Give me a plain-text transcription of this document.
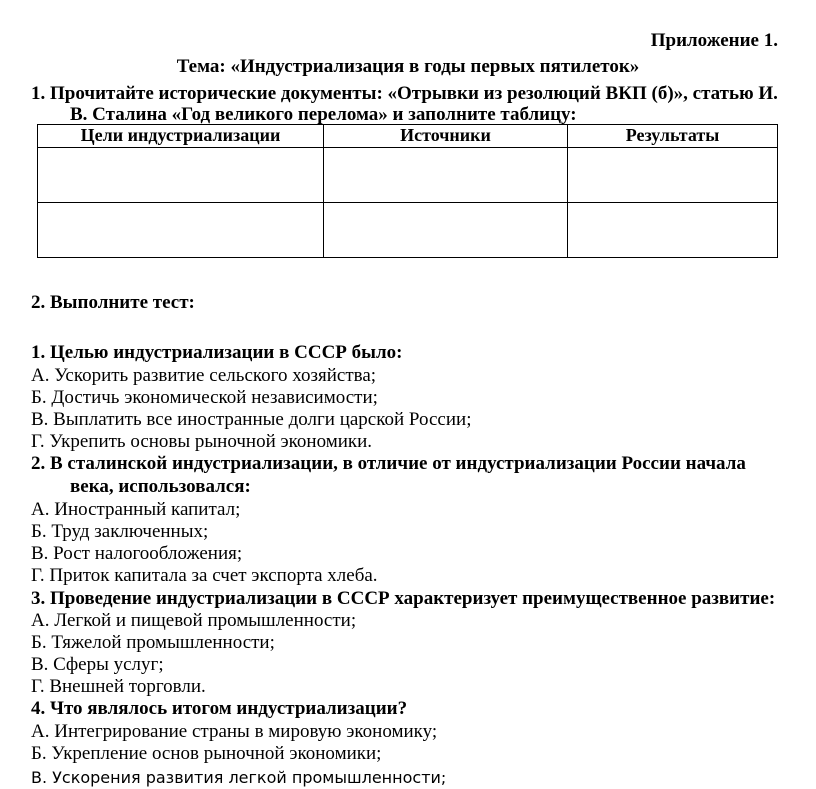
Приложение 1.
Тема: «Индустриализация в годы первых пятилеток»
1. Прочитайте исторические документы: «Отрывки из резолюций ВКП (б)», статью И.
В. Сталина «Год великого перелома» и заполните таблицу:
Цели индустриализации	Источники	Результаты

2. Выполните тест:
1. Целью индустриализации в СССР было:
А. Ускорить развитие сельского хозяйства;
Б. Достичь экономической независимости;
В. Выплатить все иностранные долги царской России;
Г. Укрепить основы рыночной экономики.
2. В сталинской индустриализации, в отличие от индустриализации России начала
века, использовался:
А. Иностранный капитал;
Б. Труд заключенных;
В. Рост налогообложения;
Г. Приток капитала за счет экспорта хлеба.
3. Проведение индустриализации в СССР характеризует преимущественное развитие:
А. Легкой и пищевой промышленности;
Б. Тяжелой промышленности;
В. Сферы услуг;
Г. Внешней торговли.
4. Что являлось итогом индустриализации?
А. Интегрирование страны в мировую экономику;
Б. Укрепление основ рыночной экономики;
В. Ускорения развития легкой промышленности;
